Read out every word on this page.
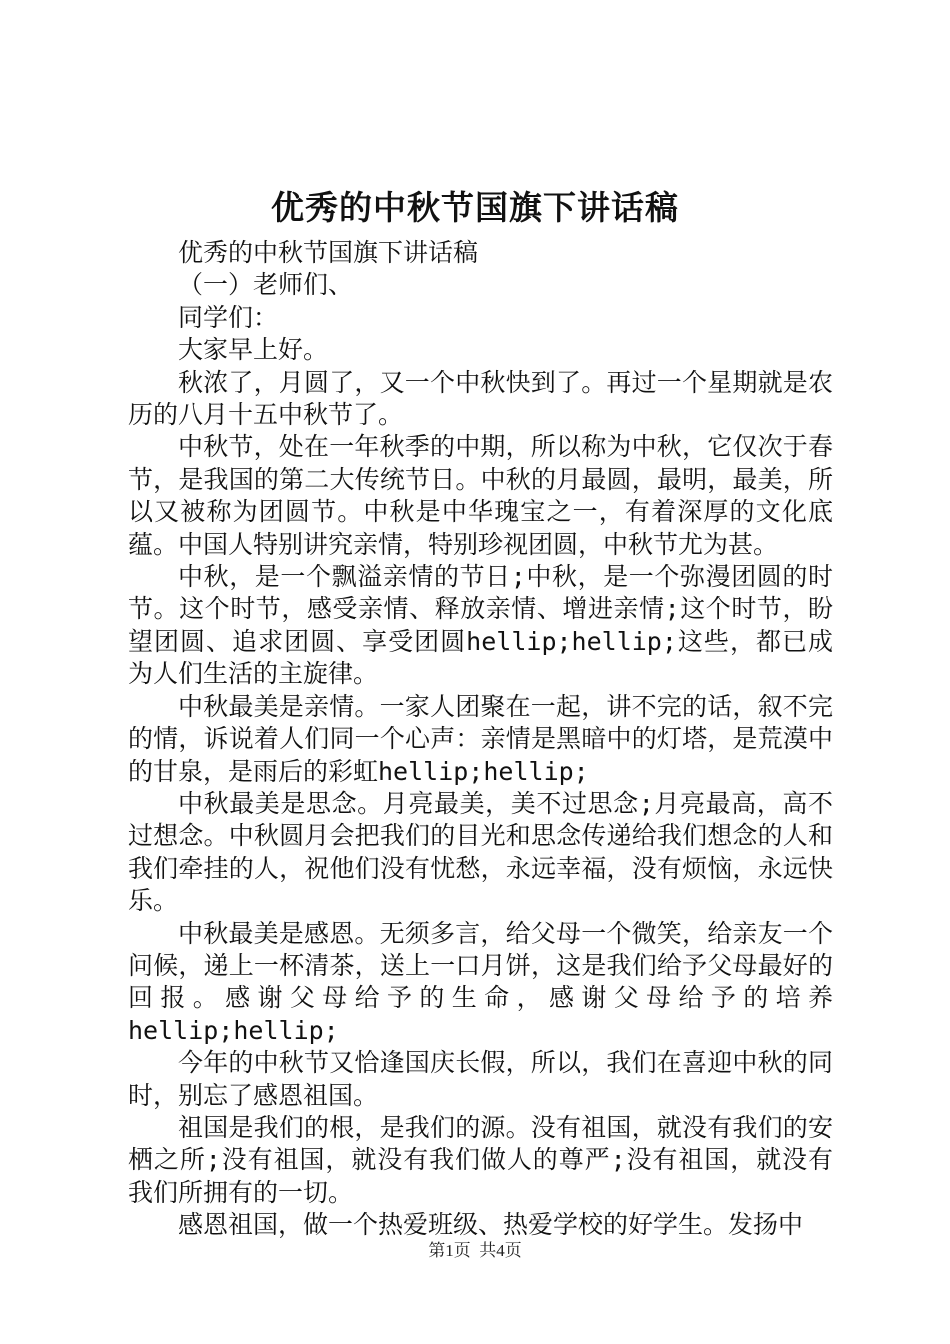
优秀的中秋节国旗下讲话稿

优秀的中秋节国旗下讲话稿

（一）老师们、

同学们：

大家早上好。

秋浓了，月圆了，又一个中秋快到了。再过一个星期就是农历的八月十五中秋节了。

中秋节，处在一年秋季的中期，所以称为中秋，它仅次于春节，是我国的第二大传统节日。中秋的月最圆，最明，最美，所以又被称为团圆节。中秋是中华瑰宝之一，有着深厚的文化底蕴。中国人特别讲究亲情，特别珍视团圆，中秋节尤为甚。

中秋，是一个飘溢亲情的节日;中秋，是一个弥漫团圆的时节。这个时节，感受亲情、释放亲情、增进亲情;这个时节，盼望团圆、追求团圆、享受团圆hellip;hellip;这些，都已成为人们生活的主旋律。

中秋最美是亲情。一家人团聚在一起，讲不完的话，叙不完的情，诉说着人们同一个心声：亲情是黑暗中的灯塔，是荒漠中的甘泉，是雨后的彩虹hellip;hellip;

中秋最美是思念。月亮最美，美不过思念;月亮最高，高不过想念。中秋圆月会把我们的目光和思念传递给我们想念的人和我们牵挂的人，祝他们没有忧愁，永远幸福，没有烦恼，永远快乐。

中秋最美是感恩。无须多言，给父母一个微笑，给亲友一个问候，递上一杯清茶，送上一口月饼，这是我们给予父母最好的回报。感谢父母给予的生命，感谢父母给予的培养hellip;hellip;

今年的中秋节又恰逢国庆长假，所以，我们在喜迎中秋的同时，别忘了感恩祖国。

祖国是我们的根，是我们的源。没有祖国，就没有我们的安栖之所;没有祖国，就没有我们做人的尊严;没有祖国，就没有我们所拥有的一切。

感恩祖国，做一个热爱班级、热爱学校的好学生。发扬中

第1页  共4页
